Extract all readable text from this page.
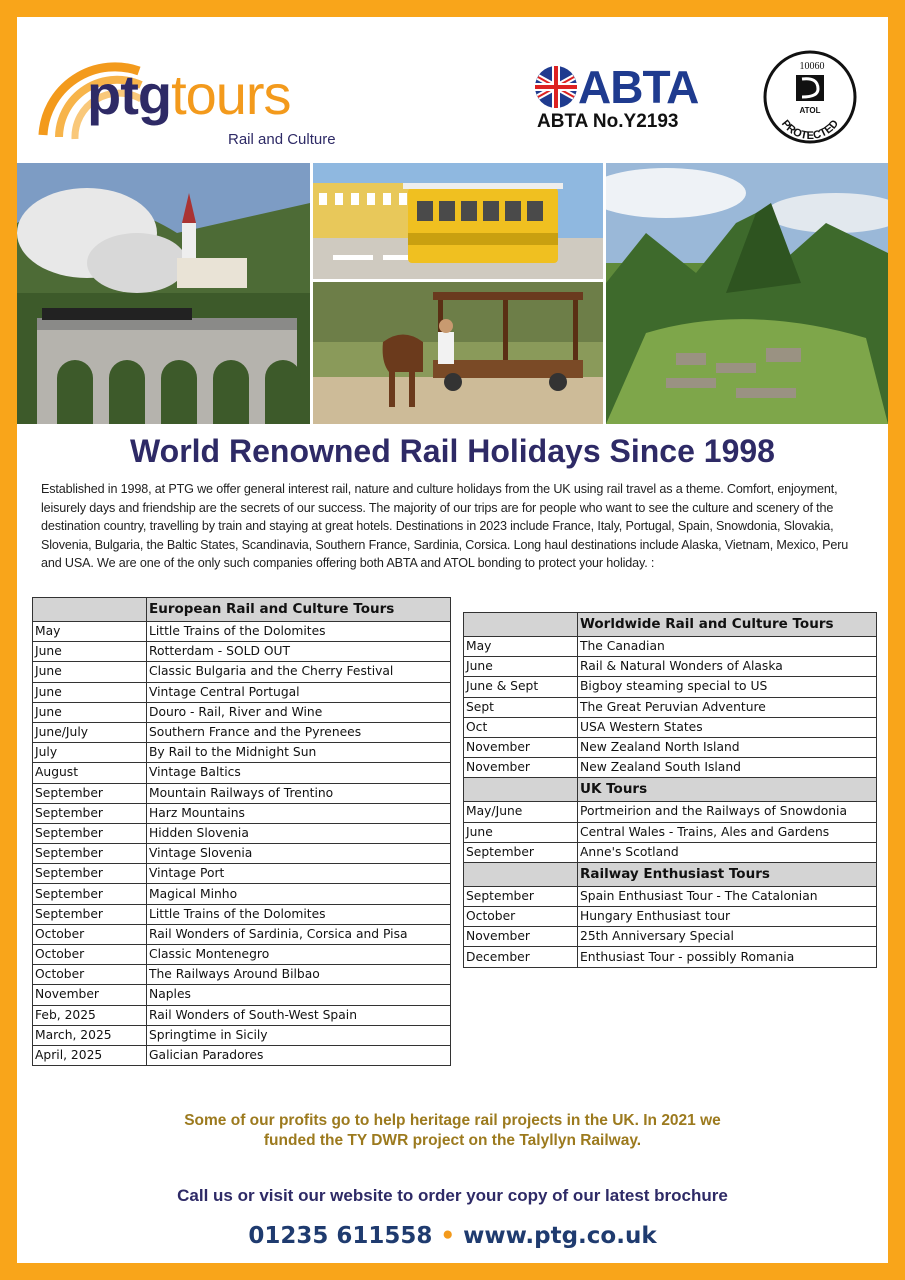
ptgtours
Rail and Culture
ABTA
ABTA No.Y2193
10060
ATOL
PROTECTED
World Renowned Rail Holidays Since 1998
Established in 1998, at PTG we offer general interest rail, nature and culture holidays from the UK using rail travel as a theme. Comfort, enjoyment, leisurely days and friendship are the secrets of our success. The majority of our trips are for people who want to see the culture and scenery of the destination country, travelling by train and staying at great hotels. Destinations in 2023 include France, Italy, Portugal, Spain, Snowdonia, Slovakia, Slovenia, Bulgaria, the Baltic States, Scandinavia, Southern France, Sardinia, Corsica. Long haul destinations include Alaska, Vietnam, Mexico, Peru and USA. We are one of the only such companies offering both ABTA and ATOL bonding to protect your holiday. :
	European Rail and Culture Tours
May	Little Trains of the Dolomites
June	Rotterdam - SOLD OUT
June	Classic Bulgaria and the Cherry Festival
June	Vintage Central Portugal
June	Douro - Rail, River and Wine
June/July	Southern France and the Pyrenees
July	By Rail to the Midnight Sun
August	Vintage Baltics
September	Mountain Railways of Trentino
September	Harz Mountains
September	Hidden Slovenia
September	Vintage Slovenia
September	Vintage Port
September	Magical Minho
September	Little Trains of the Dolomites
October	Rail Wonders of Sardinia, Corsica and Pisa
October	Classic Montenegro
October	The Railways Around Bilbao
November	Naples
Feb, 2025	Rail Wonders of South-West Spain
March, 2025	Springtime in Sicily
April, 2025	Galician Paradores
	Worldwide Rail and Culture Tours
May	The Canadian
June	Rail & Natural Wonders of Alaska
June & Sept	Bigboy steaming special to US
Sept	The Great Peruvian Adventure
Oct	USA Western States
November	New Zealand North Island
November	New Zealand South Island
	UK Tours
May/June	Portmeirion and the Railways of Snowdonia
June	Central Wales - Trains, Ales and Gardens
September	Anne's Scotland
	Railway Enthusiast Tours
September	Spain Enthusiast Tour - The Catalonian
October	Hungary Enthusiast tour
November	25th Anniversary Special
December	Enthusiast Tour - possibly Romania
Some of our profits go to help heritage rail projects in the UK. In 2021 we
funded the TY DWR project on the Talyllyn Railway.
Call us or visit our website to order your copy of our latest brochure
01235 611558 • www.ptg.co.uk
